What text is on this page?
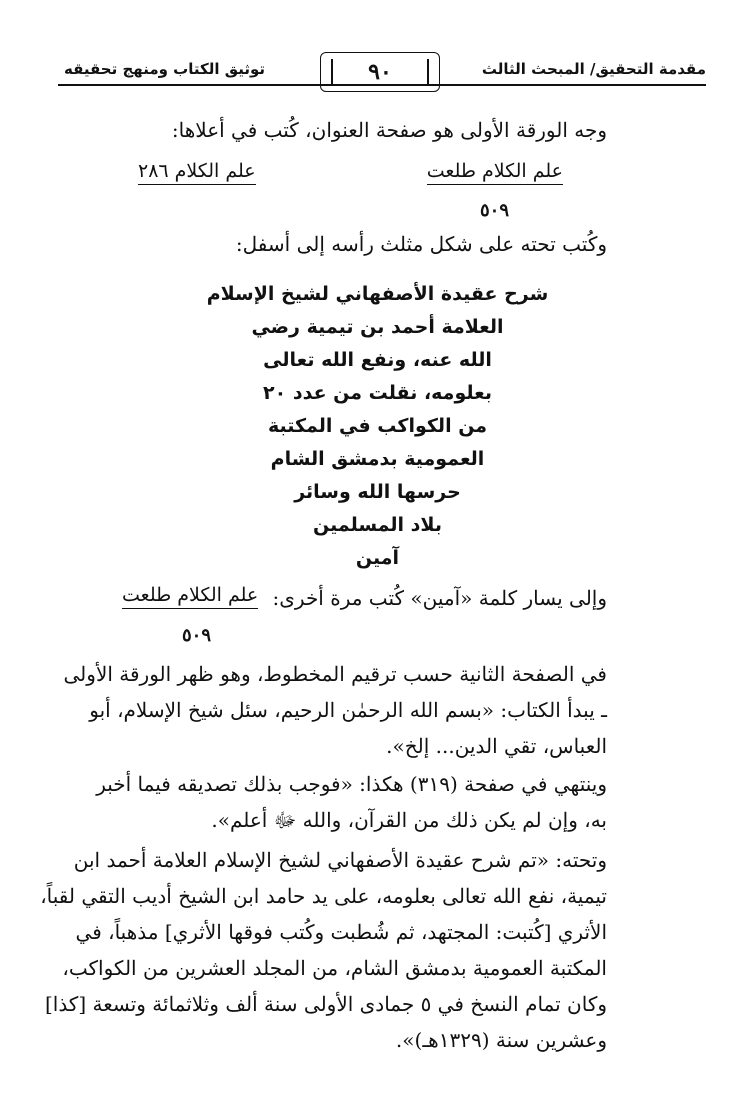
مقدمة التحقيق/ المبحث الثالث
٩٠
توثيق الكتاب ومنهج تحقيقه
وجه الورقة الأولى هو صفحة العنوان، كُتب في أعلاها:
علم الكلام طلعت
علم الكلام ٢٨٦
٥٠٩
وكُتب تحته على شكل مثلث رأسه إلى أسفل:
شرح عقيدة الأصفهاني لشيخ الإسلام
العلامة أحمد بن تيمية رضي
الله عنه، ونفع الله تعالى
بعلومه، نقلت من عدد ٢٠
من الكواكب في المكتبة
العمومية بدمشق الشام
حرسها الله وسائر
بلاد المسلمين
آمين
وإلى يسار كلمة «آمين» كُتب مرة أخرى:
علم الكلام طلعت
٥٠٩
في الصفحة الثانية حسب ترقيم المخطوط، وهو ظهر الورقة الأولى
ـ يبدأ الكتاب: «بسم الله الرحمٰن الرحيم، سئل شيخ الإسلام، أبو
العباس، تقي الدين... إلخ».
وينتهي في صفحة (٣١٩) هكذا: «فوجب بذلك تصديقه فيما أخبر
به، وإن لم يكن ذلك من القرآن، والله ﷻ أعلم».
وتحته: «تم شرح عقيدة الأصفهاني لشيخ الإسلام العلامة أحمد ابن
تيمية، نفع الله تعالى بعلومه، على يد حامد ابن الشيخ أديب التقي لقباً،
الأثري [كُتبت: المجتهد، ثم شُطبت وكُتب فوقها الأثري] مذهباً، في
المكتبة العمومية بدمشق الشام، من المجلد العشرين من الكواكب،
وكان تمام النسخ في ٥ جمادى الأولى سنة ألف وثلاثمائة وتسعة [كذا]
وعشرين سنة (١٣٢٩هـ)».
